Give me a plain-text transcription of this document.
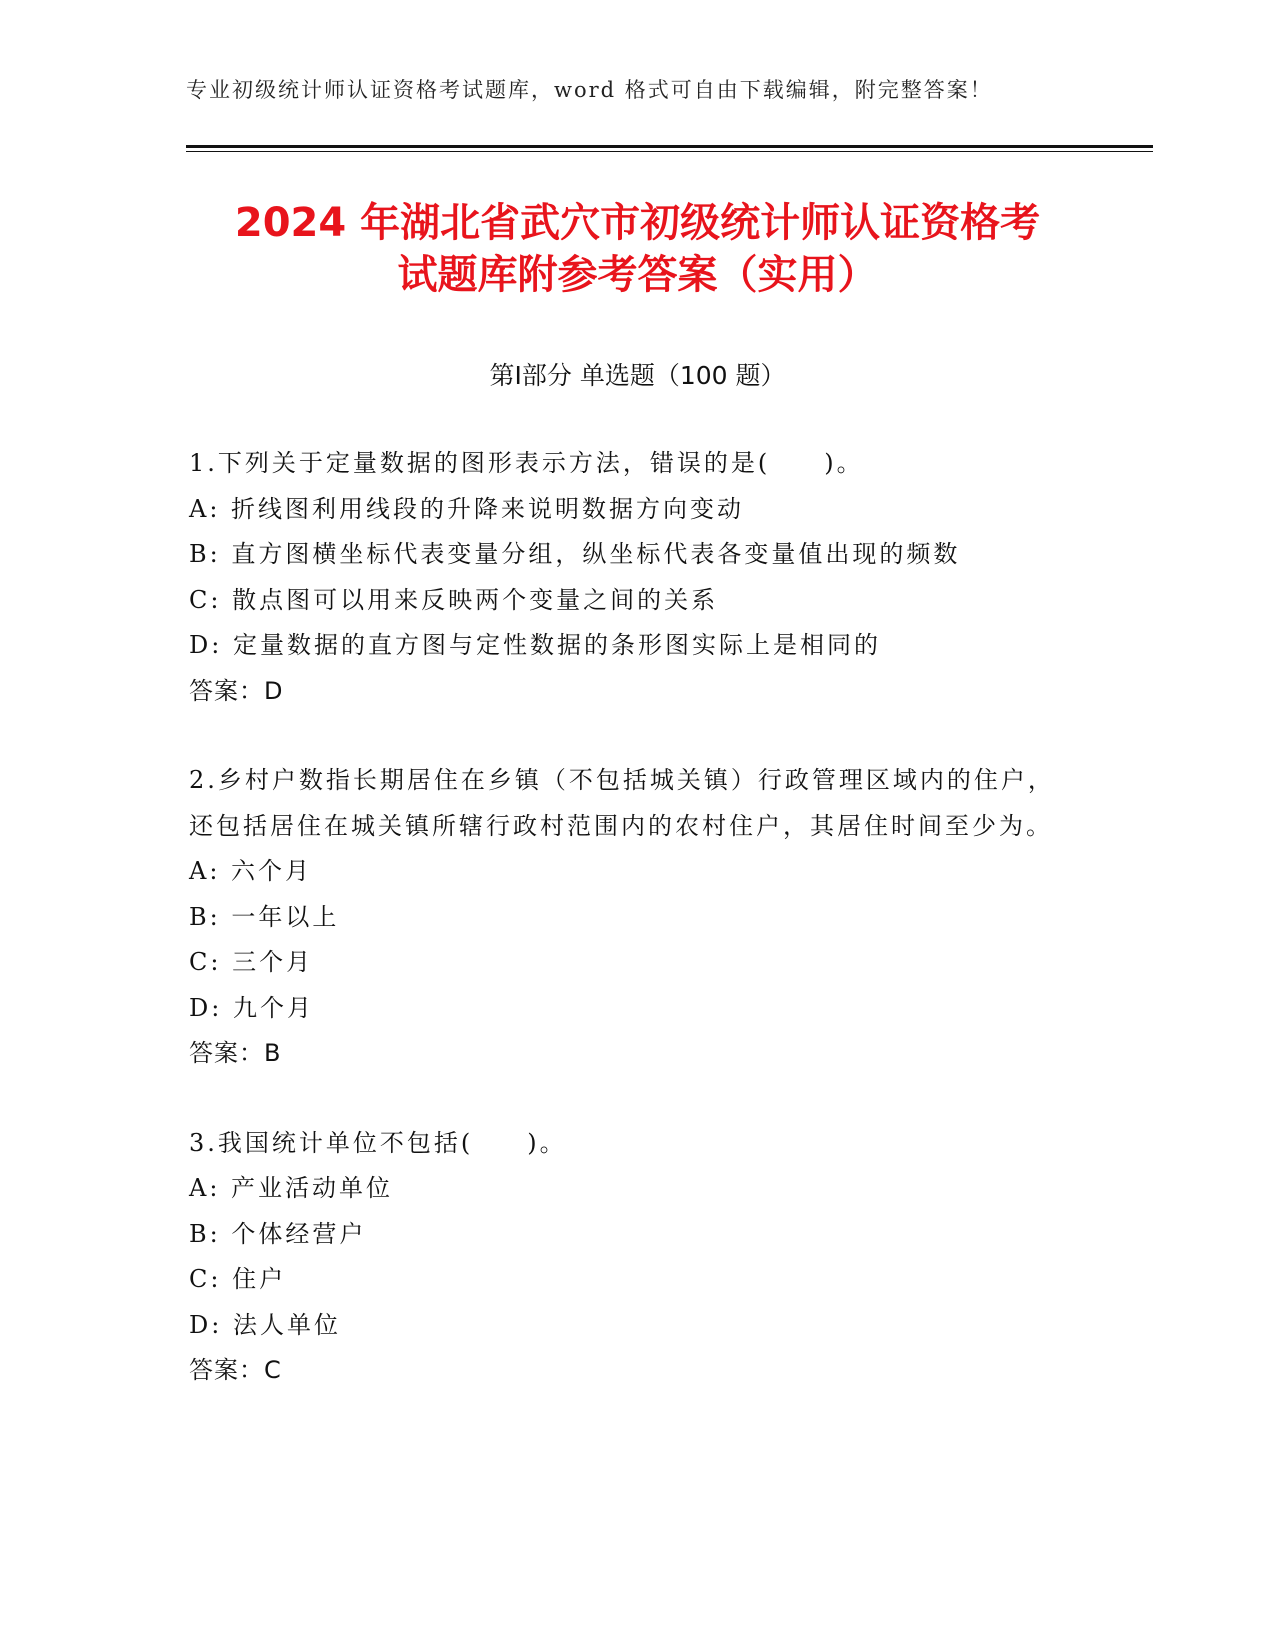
专业初级统计师认证资格考试题库，word 格式可自由下载编辑，附完整答案！
2024 年湖北省武穴市初级统计师认证资格考
试题库附参考答案（实用）
第Ⅰ部分 单选题（100 题）
1.下列关于定量数据的图形表示方法，错误的是(　　)。
A: 折线图利用线段的升降来说明数据方向变动
B: 直方图横坐标代表变量分组，纵坐标代表各变量值出现的频数
C: 散点图可以用来反映两个变量之间的关系
D: 定量数据的直方图与定性数据的条形图实际上是相同的
答案：D
2.乡村户数指长期居住在乡镇（不包括城关镇）行政管理区域内的住户，还包括居住在城关镇所辖行政村范围内的农村住户，其居住时间至少为。
A: 六个月
B: 一年以上
C: 三个月
D: 九个月
答案：B
3.我国统计单位不包括(　　)。
A: 产业活动单位
B: 个体经营户
C: 住户
D: 法人单位
答案：C
